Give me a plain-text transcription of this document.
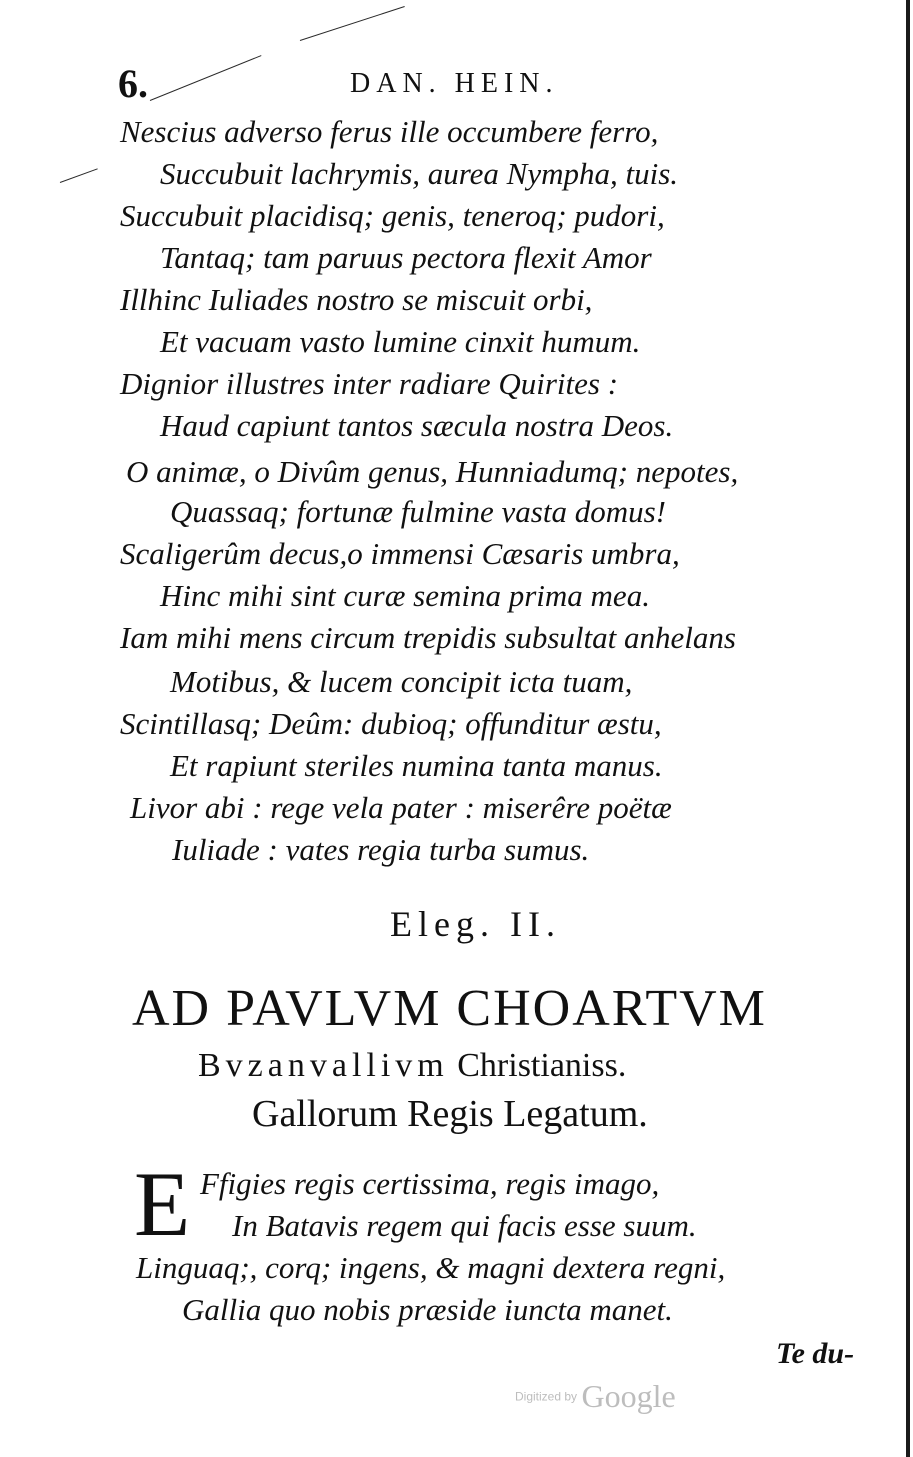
6.	DAN. HEIN.
Nescius adverso ferus ille occumbere ferro,
Succubuit lachrymis, aurea Nympha, tuis.
Succubuit placidisq; genis, teneroq; pudori,
Tantaq; tam paruus pectora flexit Amor
Illhinc Iuliades nostro se miscuit orbi,
Et vacuam vasto lumine cinxit humum.
Dignior illustres inter radiare Quirites :
Haud capiunt tantos sæcula nostra Deos.
O animæ, o Divûm genus, Hunniadumq; nepotes,
Quassaq; fortunæ fulmine vasta domus!
Scaligerûm decus,o immensi Cæsaris umbra,
Hinc mihi sint curæ semina prima mea.
Iam mihi mens circum trepidis subsultat anhelans
Motibus, & lucem concipit icta tuam,
Scintillasq; Deûm: dubioq; offunditur æstu,
Et rapiunt steriles numina tanta manus.
Livor abi : rege vela pater : miserêre poëtæ
Iuliade : vates regia turba sumus.
Eleg. II.
AD PAVLVM CHOARTVM
Bvzanvallivm Christianiss.
Gallorum Regis Legatum.
E Ffigies regis certissima, regis imago,
In Batavis regem qui facis esse suum.
Linguaq;, corq; ingens, & magni dextera regni,
Gallia quo nobis præside iuncta manet.
Te du-
Digitized by Google
